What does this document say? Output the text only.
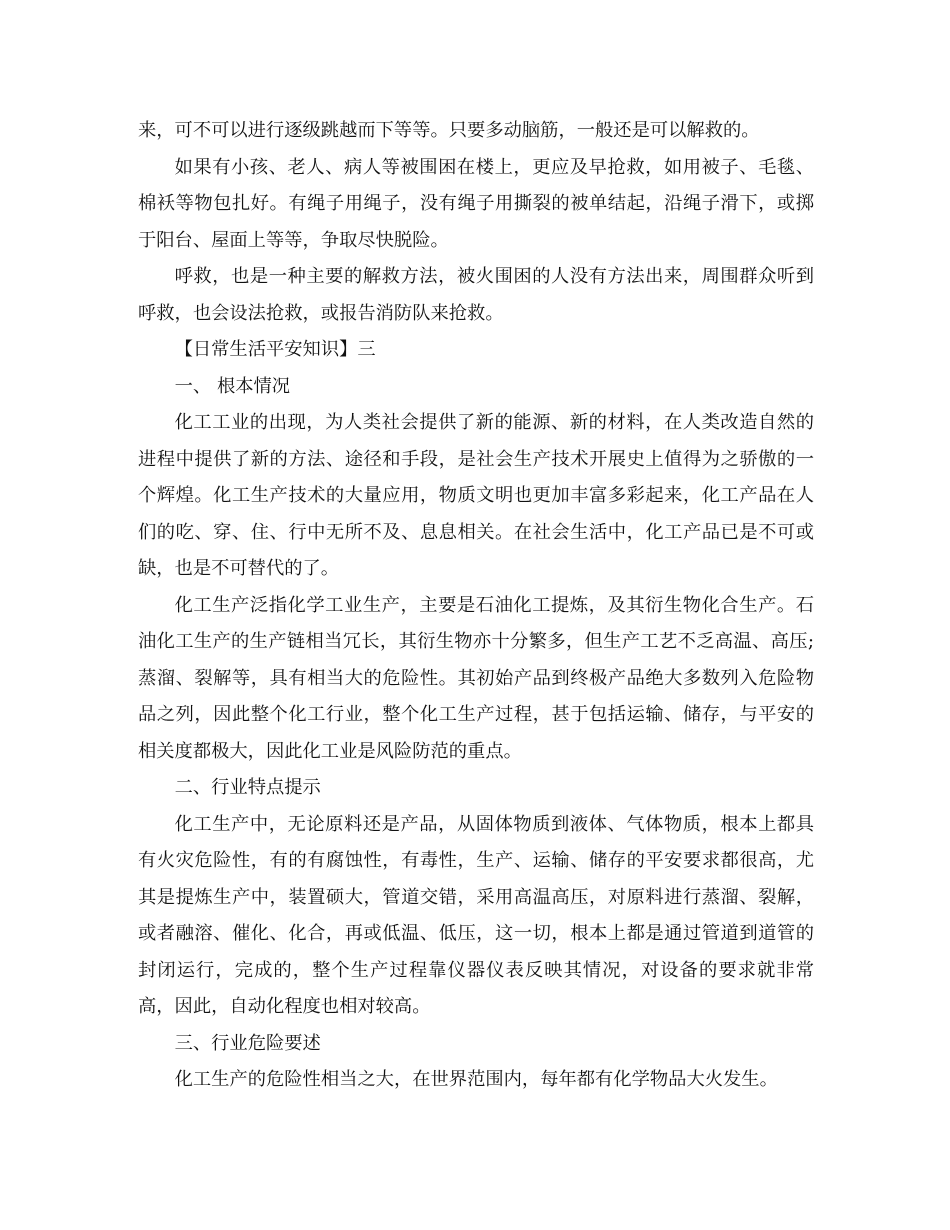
来，可不可以进行逐级跳越而下等等。只要多动脑筋，一般还是可以解救的。

如果有小孩、老人、病人等被围困在楼上，更应及早抢救，如用被子、毛毯、棉袄等物包扎好。有绳子用绳子，没有绳子用撕裂的被单结起，沿绳子滑下，或掷于阳台、屋面上等等，争取尽快脱险。

呼救，也是一种主要的解救方法，被火围困的人没有方法出来，周围群众听到呼救，也会设法抢救，或报告消防队来抢救。

【日常生活平安知识】三

一、 根本情况

化工工业的出现，为人类社会提供了新的能源、新的材料，在人类改造自然的进程中提供了新的方法、途径和手段，是社会生产技术开展史上值得为之骄傲的一个辉煌。化工生产技术的大量应用，物质文明也更加丰富多彩起来，化工产品在人们的吃、穿、住、行中无所不及、息息相关。在社会生活中，化工产品已是不可或缺，也是不可替代的了。

化工生产泛指化学工业生产，主要是石油化工提炼，及其衍生物化合生产。石油化工生产的生产链相当冗长，其衍生物亦十分繁多，但生产工艺不乏高温、高压;蒸溜、裂解等，具有相当大的危险性。其初始产品到终极产品绝大多数列入危险物品之列，因此整个化工行业，整个化工生产过程，甚于包括运输、储存，与平安的相关度都极大，因此化工业是风险防范的重点。

二、行业特点提示

化工生产中，无论原料还是产品，从固体物质到液体、气体物质，根本上都具有火灾危险性，有的有腐蚀性，有毒性，生产、运输、储存的平安要求都很高，尤其是提炼生产中，装置硕大，管道交错，采用高温高压，对原料进行蒸溜、裂解，或者融溶、催化、化合，再或低温、低压，这一切，根本上都是通过管道到道管的封闭运行，完成的，整个生产过程靠仪器仪表反映其情况，对设备的要求就非常高，因此，自动化程度也相对较高。

三、行业危险要述

化工生产的危险性相当之大，在世界范围内，每年都有化学物品大火发生。
